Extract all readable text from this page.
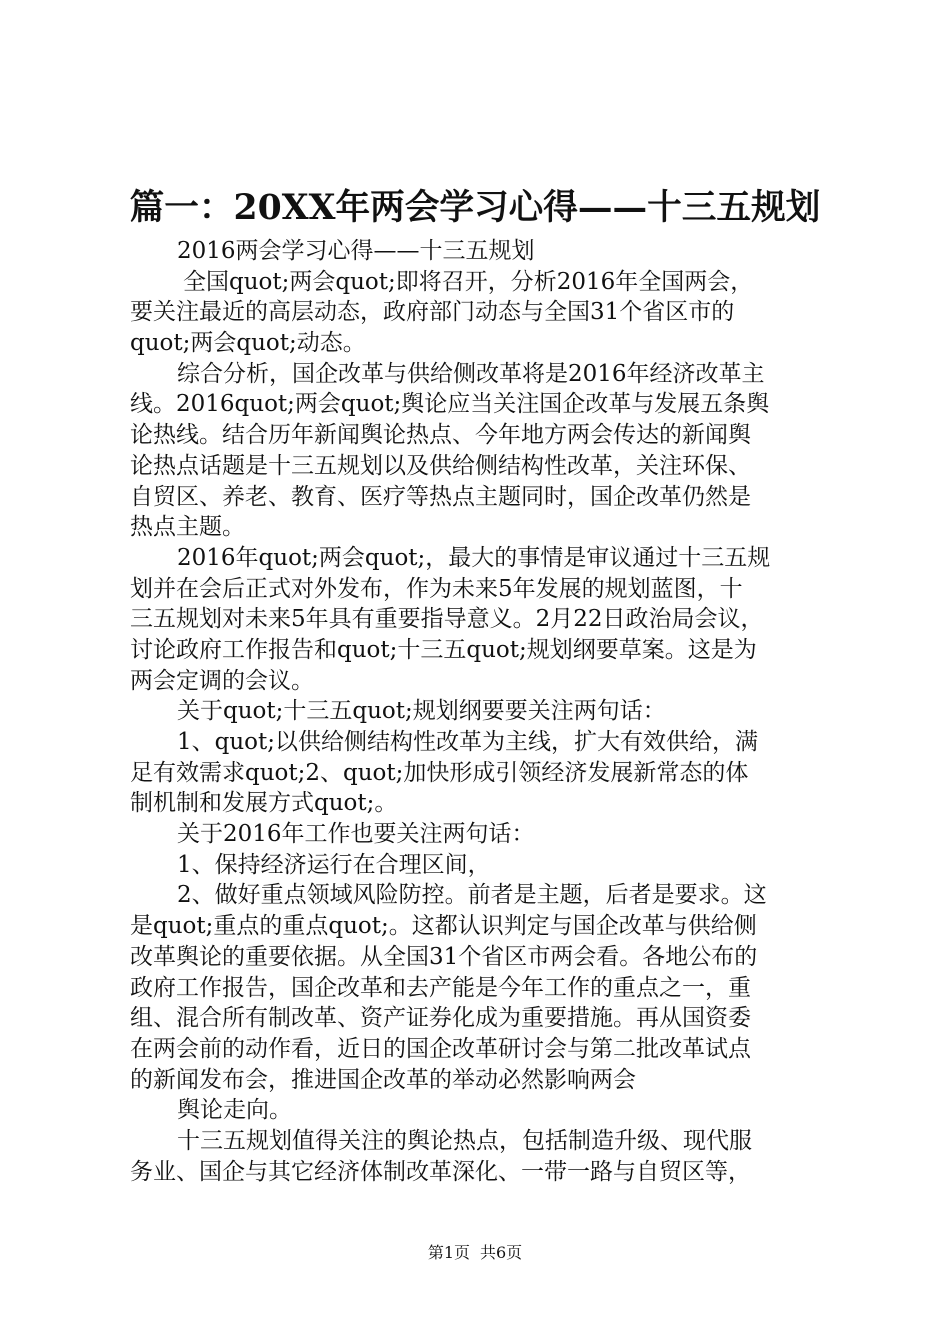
篇一：20XX年两会学习心得——十三五规划
2016两会学习心得——十三五规划
全国quot;两会quot;即将召开，分析2016年全国两会，
要关注最近的高层动态，政府部门动态与全国31个省区市的
quot;两会quot;动态。
综合分析，国企改革与供给侧改革将是2016年经济改革主
线。2016quot;两会quot;舆论应当关注国企改革与发展五条舆
论热线。结合历年新闻舆论热点、今年地方两会传达的新闻舆
论热点话题是十三五规划以及供给侧结构性改革，关注环保、
自贸区、养老、教育、医疗等热点主题同时，国企改革仍然是
热点主题。
2016年quot;两会quot;，最大的事情是审议通过十三五规
划并在会后正式对外发布，作为未来5年发展的规划蓝图，十
三五规划对未来5年具有重要指导意义。2月22日政治局会议，
讨论政府工作报告和quot;十三五quot;规划纲要草案。这是为
两会定调的会议。
关于quot;十三五quot;规划纲要要关注两句话：
1、quot;以供给侧结构性改革为主线，扩大有效供给，满
足有效需求quot;2、quot;加快形成引领经济发展新常态的体
制机制和发展方式quot;。
关于2016年工作也要关注两句话：
1、保持经济运行在合理区间，
2、做好重点领域风险防控。前者是主题，后者是要求。这
是quot;重点的重点quot;。这都认识判定与国企改革与供给侧
改革舆论的重要依据。从全国31个省区市两会看。各地公布的
政府工作报告，国企改革和去产能是今年工作的重点之一，重
组、混合所有制改革、资产证券化成为重要措施。再从国资委
在两会前的动作看，近日的国企改革研讨会与第二批改革试点
的新闻发布会，推进国企改革的举动必然影响两会
舆论走向。
十三五规划值得关注的舆论热点，包括制造升级、现代服
务业、国企与其它经济体制改革深化、一带一路与自贸区等，
第1页 共6页
